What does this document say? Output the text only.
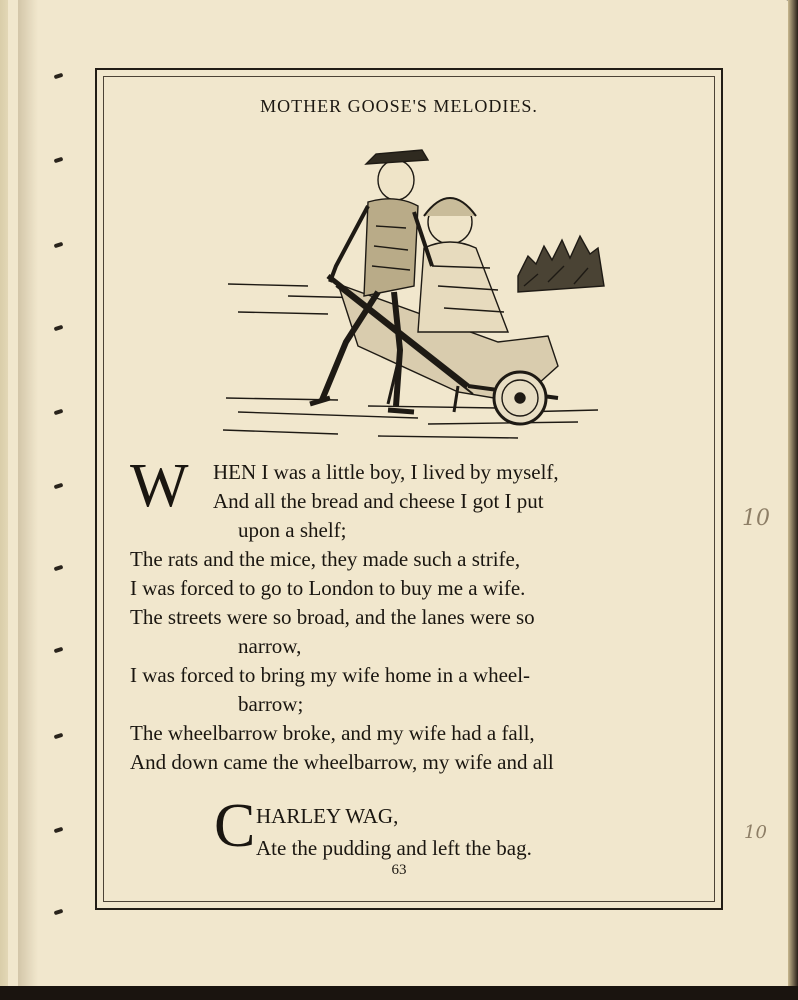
MOTHER GOOSE'S MELODIES.
W	HEN I was a little boy, I lived by myself,
And all the bread and cheese I got I put
upon a shelf;
The rats and the mice, they made such a strife,
I was forced to go to London to buy me a wife.
The streets were so broad, and the lanes were so
narrow,
I was forced to bring my wife home in a wheel-
barrow;
The wheelbarrow broke, and my wife had a fall,
And down came the wheelbarrow, my wife and all
C HARLEY WAG,
Ate the pudding and left the bag.
63
10
10
